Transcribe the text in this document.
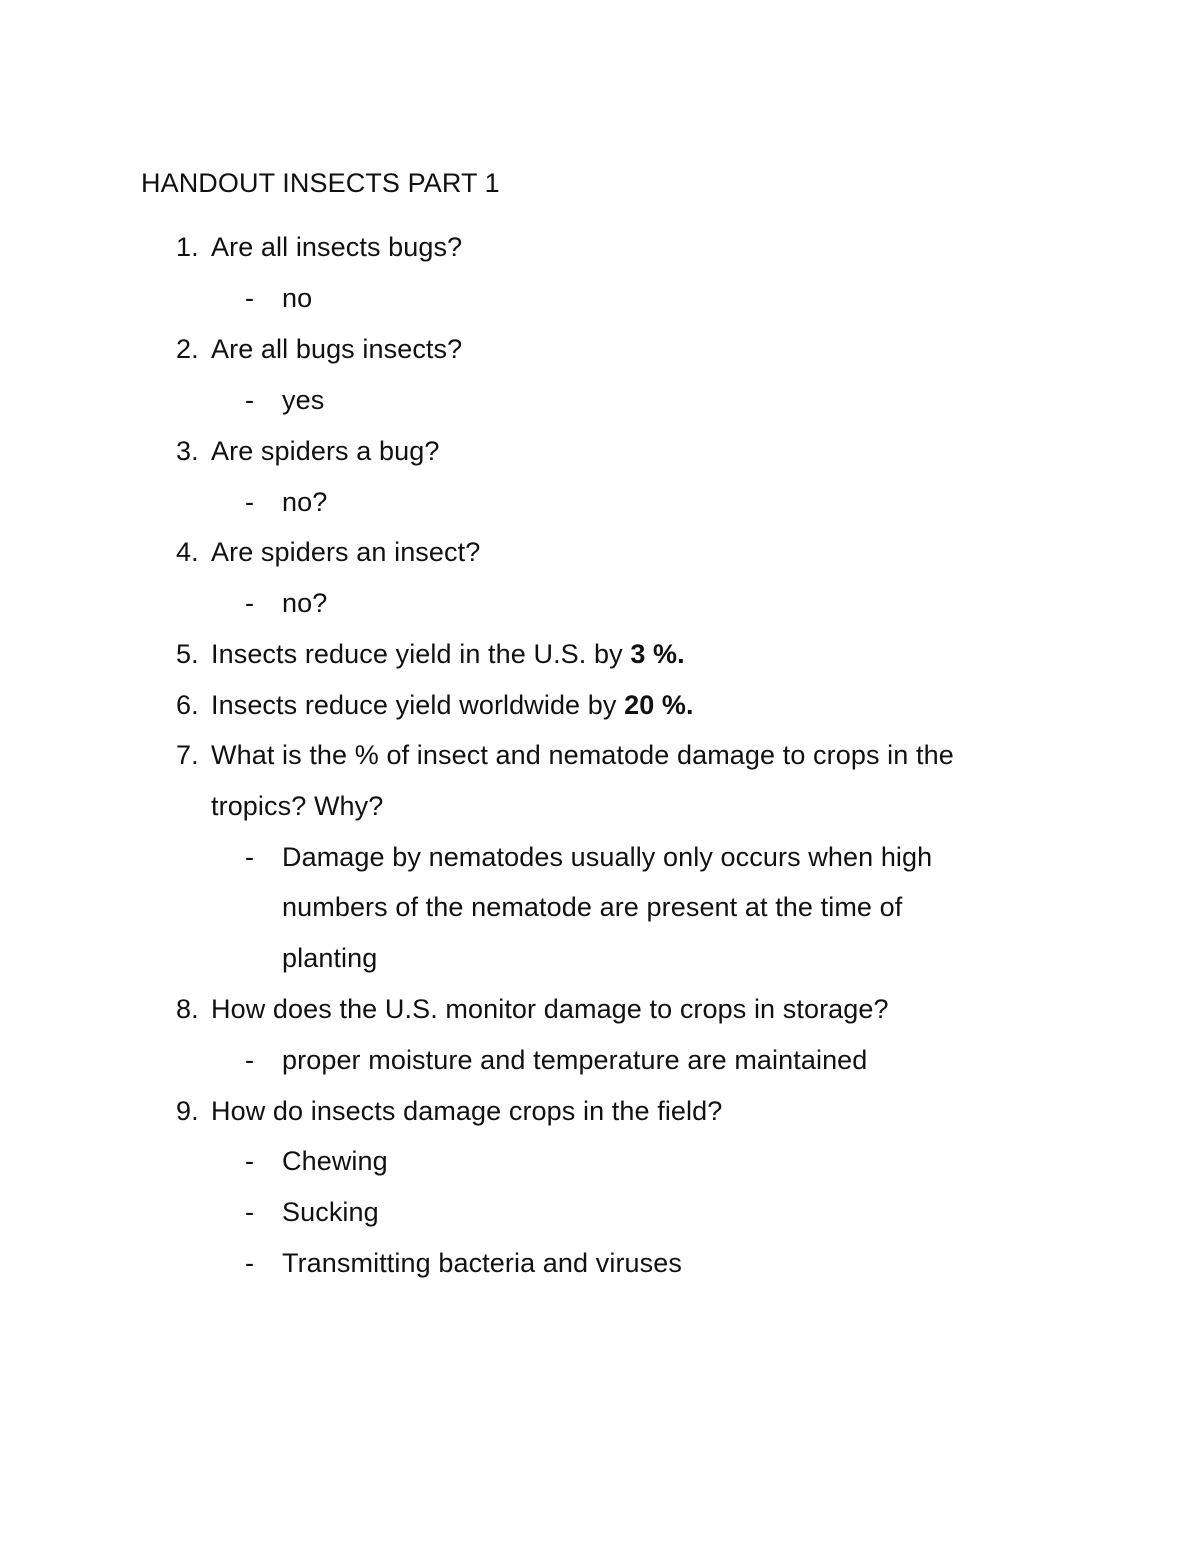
HANDOUT INSECTS PART 1
1. Are all insects bugs?
- no
2. Are all bugs insects?
- yes
3. Are spiders a bug?
- no?
4. Are spiders an insect?
- no?
5. Insects reduce yield in the U.S. by 3 %.
6. Insects reduce yield worldwide by 20 %.
7. What is the % of insect and nematode damage to crops in the
tropics? Why?
- Damage by nematodes usually only occurs when high
numbers of the nematode are present at the time of
planting
8. How does the U.S. monitor damage to crops in storage?
- proper moisture and temperature are maintained
9. How do insects damage crops in the field?
- Chewing
- Sucking
- Transmitting bacteria and viruses
